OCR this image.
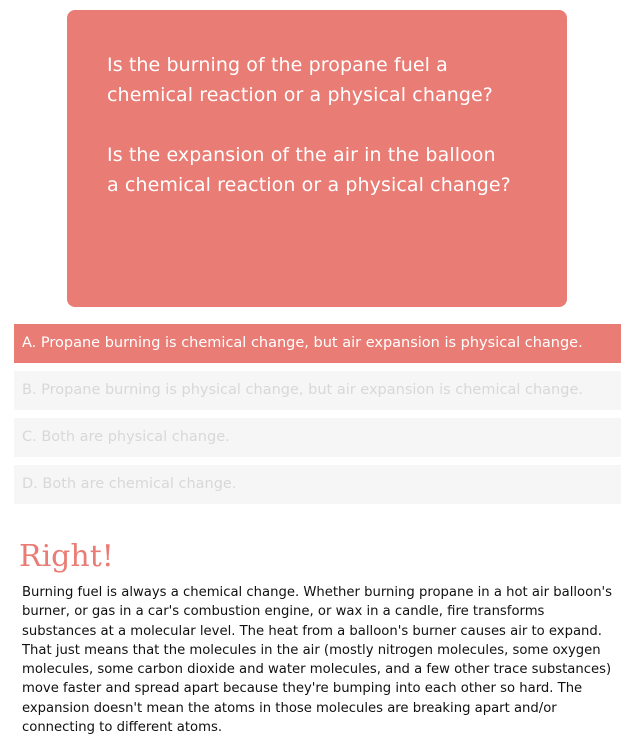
Is the burning of the propane fuel a

chemical reaction or a physical change?

Is the expansion of the air in the balloon

a chemical reaction or a physical change?

A. Propane burning is chemical change, but air expansion is physical change.
B. Propane burning is physical change, but air expansion is chemical change.
C. Both are physical change.
D. Both are chemical change.
Right!

Burning fuel is always a chemical change. Whether burning propane in a hot air balloon's burner, or gas in a car's combustion engine, or wax in a candle, fire transforms substances at a molecular level. The heat from a balloon's burner causes air to expand. That just means that the molecules in the air (mostly nitrogen molecules, some oxygen molecules, some carbon dioxide and water molecules, and a few other trace substances) move faster and spread apart because they're bumping into each other so hard. The expansion doesn't mean the atoms in those molecules are breaking apart and/or connecting to different atoms.
